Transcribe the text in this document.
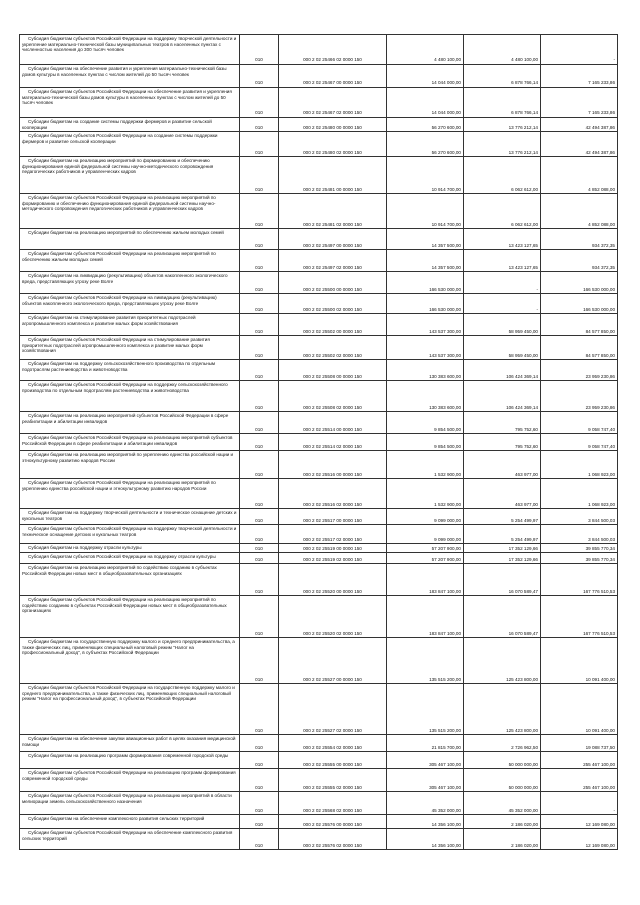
Субсидия бюджетам субъектов Российской Федерации на поддержку творческой деятельности и укрепление материально-технической базы муниципальных театров в населенных пунктах с численностью населения до 300 тысяч человек	010	000 2 02 25466 02 0000 150	4 480 100,00	4 480 100,00	-
Субсидии бюджетам на обеспечение развития и укрепления материально-технической базы домов культуры в населенных пунктах с числом жителей до 50 тысяч человек	010	000 2 02 25467 00 0000 150	14 044 000,00	6 878 766,14	7 165 233,86
Субсидии бюджетам субъектов Российской Федерации на обеспечение развития и укрепления материально-технической базы домов культуры в населенных пунктах с числом жителей до 50 тысяч человек	010	000 2 02 25467 02 0000 150	14 044 000,00	6 878 766,14	7 165 233,86
Субсидии бюджетам на создание системы поддержки фермеров и развитие сельской кооперации	010	000 2 02 25480 00 0000 150	56 270 600,00	13 776 212,14	42 494 387,86
Субсидии бюджетам субъектов Российской Федерации на создание системы поддержки фермеров и развитие сельской кооперации	010	000 2 02 25480 02 0000 150	56 270 600,00	13 776 212,14	42 494 387,86
Субсидии бюджетам на реализацию мероприятий по формированию и обеспечению функционирования единой федеральной системы научно-методического сопровождения педагогических работников и управленческих кадров	010	000 2 02 25481 00 0000 150	10 914 700,00	6 062 612,00	4 852 088,00
Субсидии бюджетам субъектов Российской Федерации на реализацию мероприятий по формированию и обеспечению функционирования единой федеральной системы научно-методического сопровождения педагогических работников и управленческих кадров	010	000 2 02 25481 02 0000 150	10 914 700,00	6 062 612,00	4 852 088,00
Субсидии бюджетам на реализацию мероприятий по обеспечению жильем молодых семей	010	000 2 02 25497 00 0000 150	14 357 500,00	13 423 127,65	934 372,35
Субсидии бюджетам субъектов Российской Федерации на реализацию мероприятий по обеспечению жильем молодых семей	010	000 2 02 25497 02 0000 150	14 357 500,00	13 423 127,65	934 372,35
Субсидии бюджетам на ликвидацию (рекультивацию) объектов накопленного экологического вреда, представляющих угрозу реке Волге	010	000 2 02 25500 00 0000 150	166 530 000,00	-	166 530 000,00
Субсидии бюджетам субъектов Российской Федерации на ликвидацию (рекультивацию) объектов накопленного экологического вреда, представляющих угрозу реке Волге	010	000 2 02 25500 02 0000 150	166 530 000,00	-	166 530 000,00
Субсидии бюджетам на стимулирование развития приоритетных подотраслей агропромышленного комплекса и развитие малых форм хозяйствования	010	000 2 02 25502 00 0000 150	143 537 300,00	58 959 450,00	84 577 850,00
Субсидии бюджетам субъектов Российской Федерации на стимулирование развития приоритетных подотраслей агропромышленного комплекса и развитие малых форм хозяйствования	010	000 2 02 25502 02 0000 150	143 537 300,00	58 959 450,00	84 577 850,00
Субсидии бюджетам на поддержку сельскохозяйственного производства по отдельным подотраслям растениеводства и животноводства	010	000 2 02 25508 00 0000 150	130 383 600,00	106 424 369,14	23 959 230,86
Субсидии бюджетам субъектов Российской Федерации на поддержку сельскохозяйственного производства по отдельным подотраслям растениеводства и животноводства	010	000 2 02 25508 02 0000 150	130 383 600,00	106 424 369,14	23 959 230,86
Субсидии бюджетам на реализацию мероприятий субъектов Российской Федерации в сфере реабилитации и абилитации инвалидов	010	000 2 02 25514 00 0000 150	9 854 500,00	795 752,60	9 058 747,40
Субсидии бюджетам субъектов Российской Федерации на реализацию мероприятий субъектов Российской Федерации в сфере реабилитации и абилитации инвалидов	010	000 2 02 25514 02 0000 150	9 854 500,00	795 752,60	9 058 747,40
Субсидии бюджетам на реализацию мероприятий по укреплению единства российской нации и этнокультурному развитию народов России	010	000 2 02 25516 00 0000 150	1 532 900,00	463 977,00	1 068 923,00
Субсидии бюджетам субъектов Российской Федерации на реализацию мероприятий по укреплению единства российской нации и этнокультурному развитию народов России	010	000 2 02 25516 02 0000 150	1 532 900,00	463 977,00	1 068 923,00
Субсидии бюджетам на поддержку творческой деятельности и техническое оснащение детских и кукольных театров	010	000 2 02 25517 00 0000 150	9 099 000,00	5 254 499,97	3 844 500,03
Субсидии бюджетам субъектов Российской Федерации на поддержку творческой деятельности и техническое оснащение детских и кукольных театров	010	000 2 02 25517 02 0000 150	9 099 000,00	5 254 499,97	3 844 500,03
Субсидия бюджетам на поддержку отрасли культуры	010	000 2 02 25519 00 0000 150	57 207 900,00	17 352 129,66	39 855 770,34
Субсидия бюджетам субъектов Российской Федерации на поддержку отрасли культуры	010	000 2 02 25519 02 0000 150	57 207 900,00	17 352 129,66	39 855 770,34
Субсидии бюджетам на реализацию мероприятий по содействию созданию в субъектах Российской Федерации новых мест в общеобразовательных организациях	010	000 2 02 25520 00 0000 150	183 847 100,00	16 070 589,47	167 776 510,53
Субсидии бюджетам субъектов Российской Федерации на реализацию мероприятий по содействию созданию в субъектах Российской Федерации новых мест в общеобразовательных организациях	010	000 2 02 25520 02 0000 150	183 847 100,00	16 070 589,47	167 776 510,53
Субсидии бюджетам на государственную поддержку малого и среднего предпринимательства, а также физических лиц, применяющих специальный налоговый режим "Налог на профессиональный доход", в субъектах Российской Федерации	010	000 2 02 25527 00 0000 150	135 515 200,00	125 423 800,00	10 091 400,00
Субсидии бюджетам субъектов Российской Федерации на государственную поддержку малого и среднего предпринимательства, а также физических лиц, применяющих специальный налоговый режим "Налог на профессиональный доход", в субъектах Российской Федерации	010	000 2 02 25527 02 0000 150	135 515 200,00	125 423 800,00	10 091 400,00
Субсидии бюджетам на обеспечение закупки авиационных работ в целях оказания медицинской помощи	010	000 2 02 25554 02 0000 150	21 815 700,00	2 726 962,50	19 088 737,50
Субсидии бюджетам на реализацию программ формирования современной городской среды	010	000 2 02 25555 00 0000 150	305 467 100,00	50 000 000,00	255 467 100,00
Субсидии бюджетам субъектов Российской Федерации на реализацию программ формирования современной городской среды	010	000 2 02 25555 02 0000 150	305 467 100,00	50 000 000,00	255 467 100,00
Субсидии бюджетам субъектов Российской Федерации на реализацию мероприятий в области мелиорации земель сельскохозяйственного назначения	010	000 2 02 25568 02 0000 150	45 352 000,00	45 352 000,00	-
Субсидии бюджетам на обеспечение комплексного развития сельских территорий	010	000 2 02 25576 00 0000 150	14 356 100,00	2 186 020,00	12 169 080,00
Субсидии бюджетам субъектов Российской Федерации на обеспечение комплексного развития сельских территорий	010	000 2 02 25576 02 0000 150	14 356 100,00	2 186 020,00	12 169 080,00
